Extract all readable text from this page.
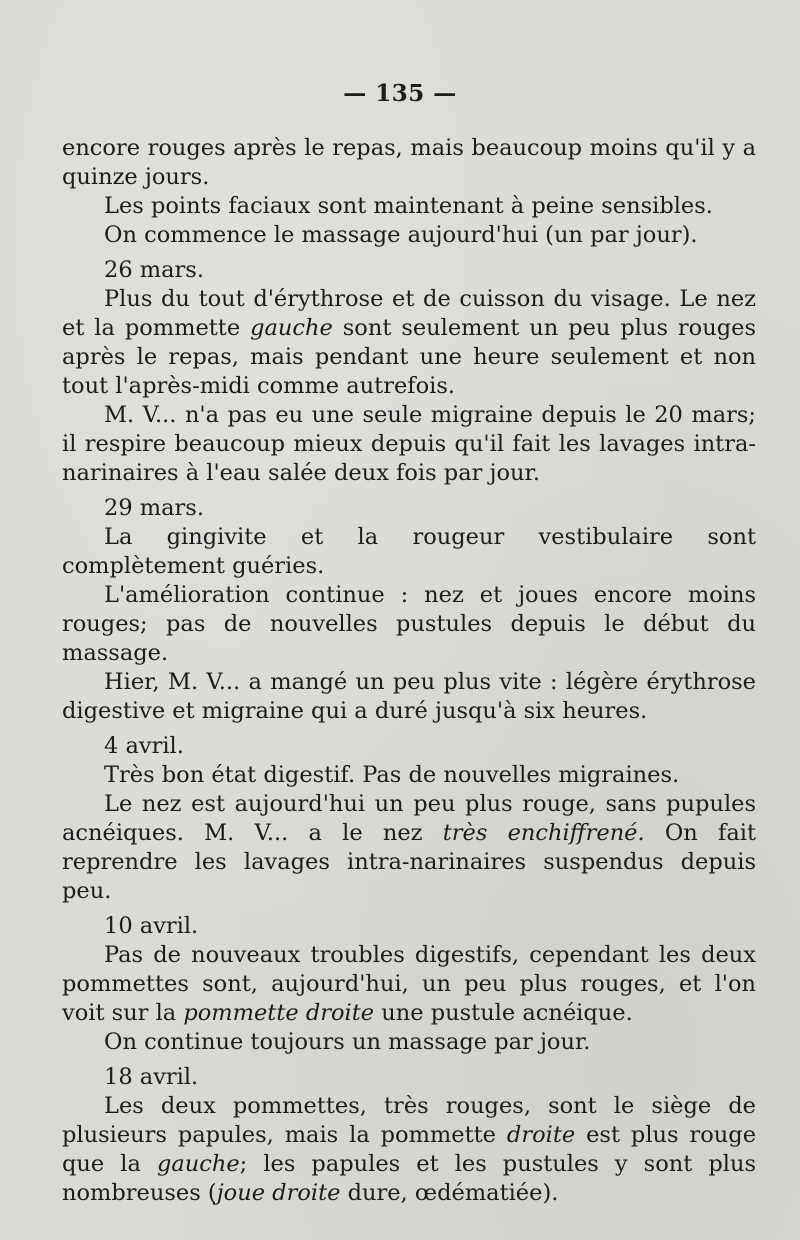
— 135 —

encore rouges après le repas, mais beaucoup moins qu'il y a quinze jours.

Les points faciaux sont maintenant à peine sensibles.

On commence le massage aujourd'hui (un par jour).

26 mars.

Plus du tout d'érythrose et de cuisson du visage. Le nez et la pommette gauche sont seulement un peu plus rouges après le repas, mais pendant une heure seulement et non tout l'après-midi comme autrefois.

M. V... n'a pas eu une seule migraine depuis le 20 mars; il respire beaucoup mieux depuis qu'il fait les lavages intra-narinaires à l'eau salée deux fois par jour.

29 mars.

La gingivite et la rougeur vestibulaire sont complètement guéries.

L'amélioration continue : nez et joues encore moins rouges; pas de nouvelles pustules depuis le début du massage.

Hier, M. V... a mangé un peu plus vite : légère érythrose digestive et migraine qui a duré jusqu'à six heures.

4 avril.

Très bon état digestif. Pas de nouvelles migraines.

Le nez est aujourd'hui un peu plus rouge, sans pupules acnéiques. M. V... a le nez très enchiffrené. On fait reprendre les lavages intra-narinaires suspendus depuis peu.

10 avril.

Pas de nouveaux troubles digestifs, cependant les deux pommettes sont, aujourd'hui, un peu plus rouges, et l'on voit sur la pommette droite une pustule acnéique.

On continue toujours un massage par jour.

18 avril.

Les deux pommettes, très rouges, sont le siège de plusieurs papules, mais la pommette droite est plus rouge que la gauche; les papules et les pustules y sont plus nombreuses (joue droite dure, œdématiée).
